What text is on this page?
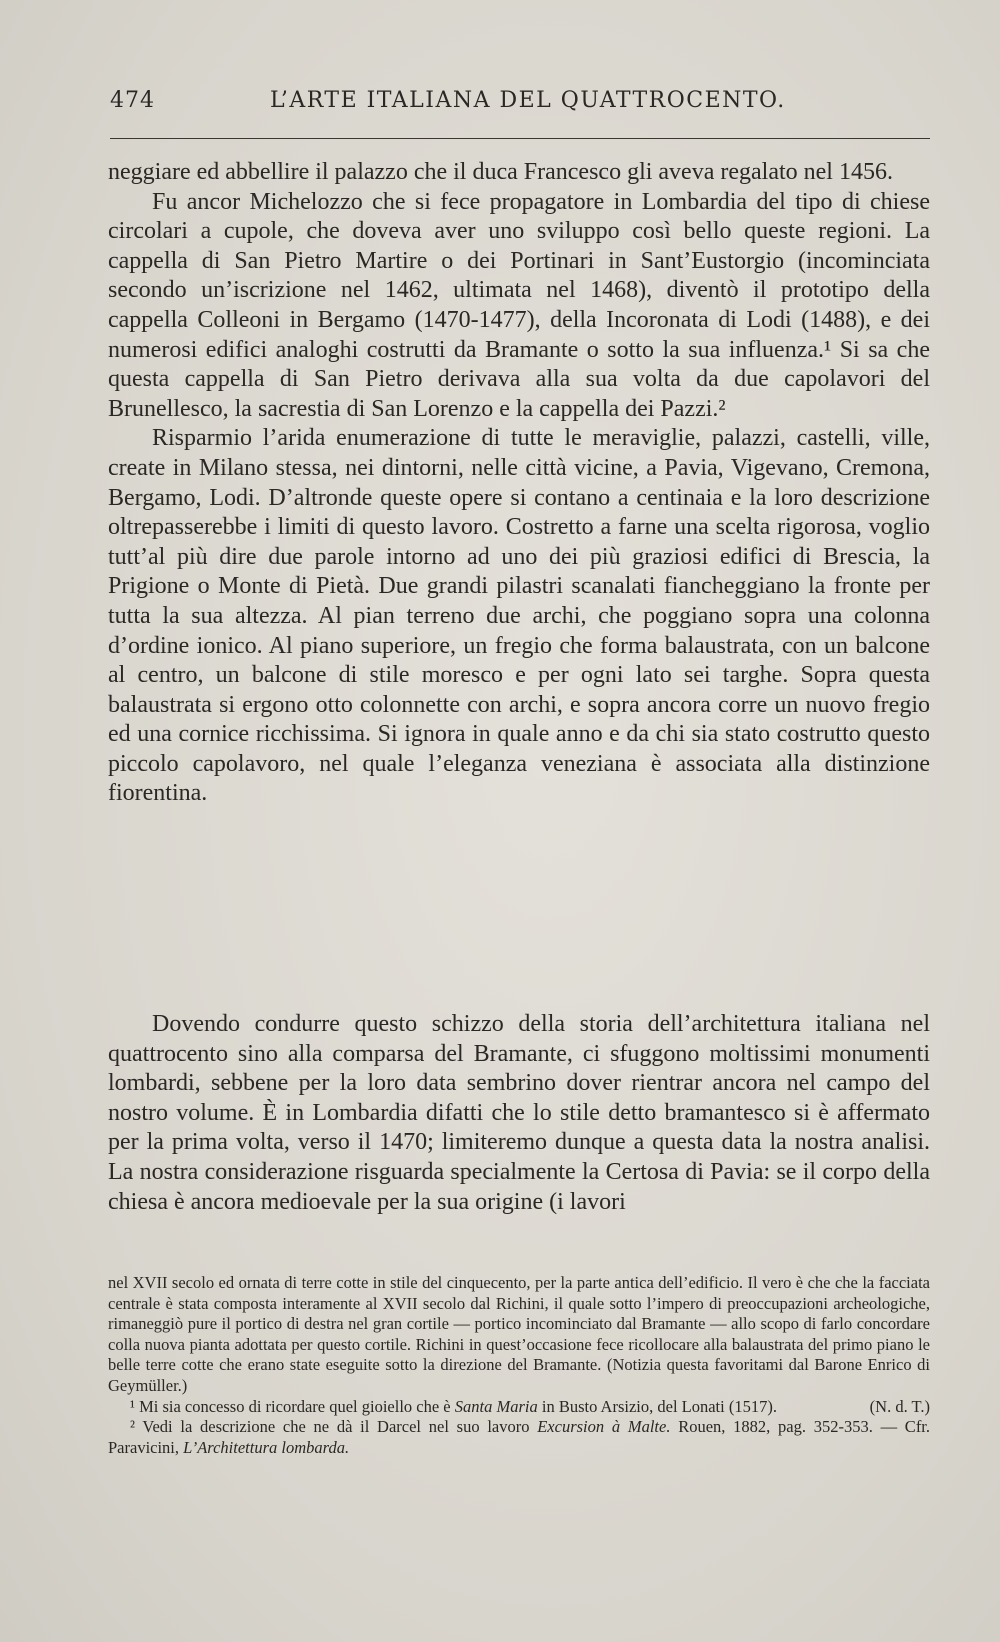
474	L’ARTE ITALIANA DEL QUATTROCENTO.

neggiare ed abbellire il palazzo che il duca Francesco gli aveva regalato nel 1456.

Fu ancor Michelozzo che si fece propagatore in Lombardia del tipo di chiese circolari a cupole, che doveva aver uno sviluppo così bello queste regioni. La cappella di San Pietro Martire o dei Portinari in Sant’Eustorgio (incominciata secondo un’iscrizione nel 1462, ultimata nel 1468), diventò il prototipo della cappella Colleoni in Bergamo (1470-1477), della Incoronata di Lodi (1488), e dei numerosi edifici analoghi costrutti da Bramante o sotto la sua influenza.¹ Si sa che questa cappella di San Pietro derivava alla sua volta da due capolavori del Brunellesco, la sacrestia di San Lorenzo e la cappella dei Pazzi.²

Risparmio l’arida enumerazione di tutte le meraviglie, palazzi, castelli, ville, create in Milano stessa, nei dintorni, nelle città vicine, a Pavia, Vigevano, Cremona, Bergamo, Lodi. D’altronde queste opere si contano a centinaia e la loro descrizione oltrepasserebbe i limiti di questo lavoro. Costretto a farne una scelta rigorosa, voglio tutt’al più dire due parole intorno ad uno dei più graziosi edifici di Brescia, la Prigione o Monte di Pietà. Due grandi pilastri scanalati fiancheggiano la fronte per tutta la sua altezza. Al pian terreno due archi, che poggiano sopra una colonna d’ordine ionico. Al piano superiore, un fregio che forma balaustrata, con un balcone al centro, un balcone di stile moresco e per ogni lato sei targhe. Sopra questa balaustrata si ergono otto colonnette con archi, e sopra ancora corre un nuovo fregio ed una cornice ricchissima. Si ignora in quale anno e da chi sia stato costrutto questo piccolo capolavoro, nel quale l’eleganza veneziana è associata alla distinzione fiorentina.

Dovendo condurre questo schizzo della storia dell’architettura italiana nel quattrocento sino alla comparsa del Bramante, ci sfuggono moltissimi monumenti lombardi, sebbene per la loro data sembrino dover rientrar ancora nel campo del nostro volume. È in Lombardia difatti che lo stile detto bramantesco si è affermato per la prima volta, verso il 1470; limiteremo dunque a questa data la nostra analisi. La nostra considerazione risguarda specialmente la Certosa di Pavia: se il corpo della chiesa è ancora medioevale per la sua origine (i lavori

nel XVII secolo ed ornata di terre cotte in stile del cinquecento, per la parte antica dell’edificio. Il vero è che che la facciata centrale è stata composta interamente al XVII secolo dal Richini, il quale sotto l’impero di preoccupazioni archeologiche, rimaneggiò pure il portico di destra nel gran cortile — portico incominciato dal Bramante — allo scopo di farlo concordare colla nuova pianta adottata per questo cortile. Richini in quest’occasione fece ricollocare alla balaustrata del primo piano le belle terre cotte che erano state eseguite sotto la direzione del Bramante. (Notizia questa favoritami dal Barone Enrico di Geymüller.)

¹ Mi sia concesso di ricordare quel gioiello che è Santa Maria in Busto Arsizio, del Lonati (1517).	(N. d. T.)

² Vedi la descrizione che ne dà il Darcel nel suo lavoro Excursion à Malte. Rouen, 1882, pag. 352-353. — Cfr. Paravicini, L’Architettura lombarda.
